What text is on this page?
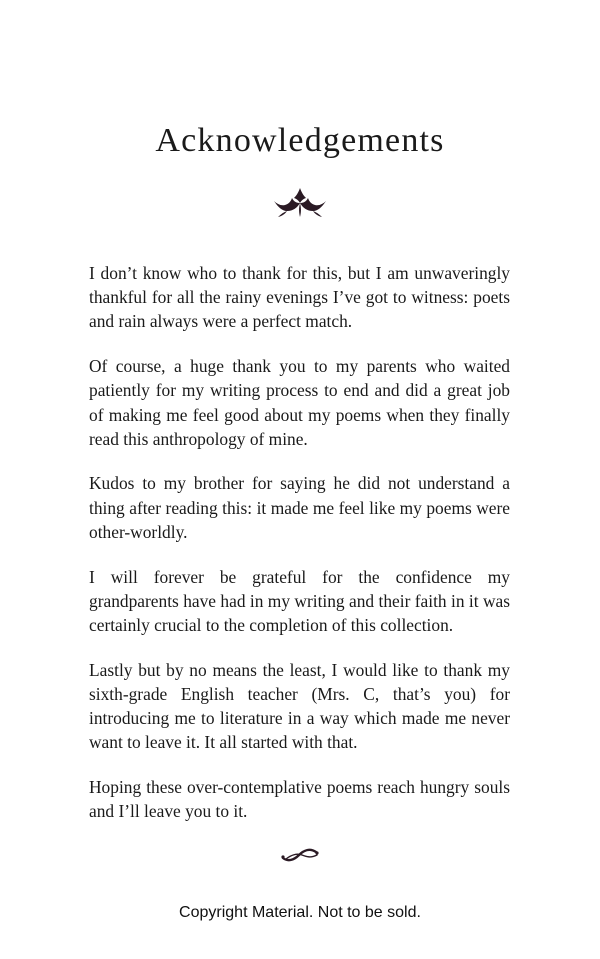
Acknowledgements

I don’t know who to thank for this, but I am unwaveringly thankful for all the rainy evenings I’ve got to witness: poets and rain always were a perfect match.

Of course, a huge thank you to my parents who waited patiently for my writing process to end and did a great job of making me feel good about my poems when they finally read this anthropology of mine.

Kudos to my brother for saying he did not understand a thing after reading this: it made me feel like my poems were other-worldly.

I will forever be grateful for the confidence my grandparents have had in my writing and their faith in it was certainly crucial to the completion of this collection.

Lastly but by no means the least, I would like to thank my sixth-grade English teacher (Mrs. C, that’s you) for introducing me to literature in a way which made me never want to leave it. It all started with that.

Hoping these over-contemplative poems reach hungry souls and I’ll leave you to it.

Copyright Material. Not to be sold.
